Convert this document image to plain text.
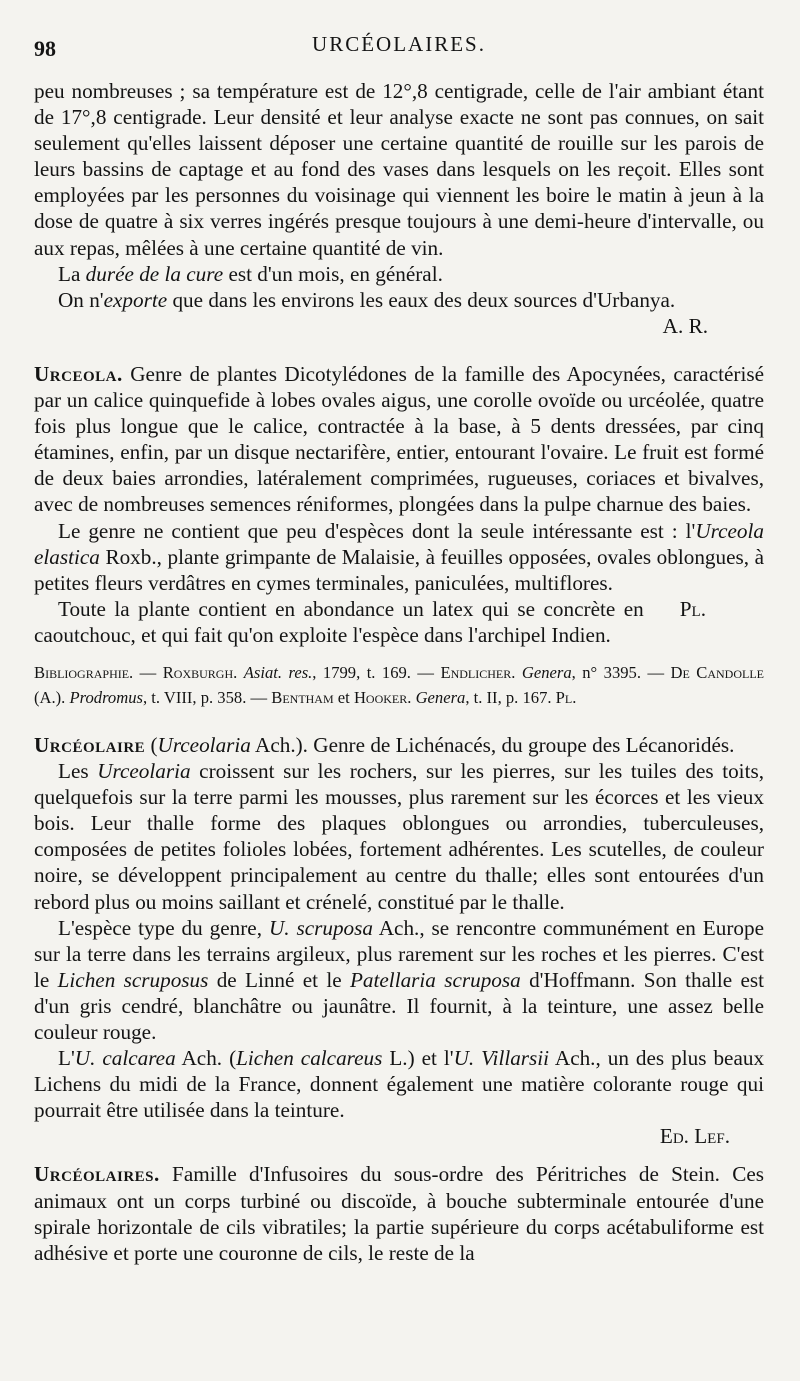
98	URCÉOLAIRES.

peu nombreuses ; sa température est de 12°,8 centigrade, celle de l'air ambiant étant de 17°,8 centigrade. Leur densité et leur analyse exacte ne sont pas connues, on sait seulement qu'elles laissent déposer une certaine quantité de rouille sur les parois de leurs bassins de captage et au fond des vases dans lesquels on les reçoit. Elles sont employées par les personnes du voisinage qui viennent les boire le matin à jeun à la dose de quatre à six verres ingérés presque toujours à une demi-heure d'intervalle, ou aux repas, mêlées à une certaine quantité de vin.

La durée de la cure est d'un mois, en général.

On n'exporte que dans les environs les eaux des deux sources d'Urbanya.

A. R.

Urceola. Genre de plantes Dicotylédones de la famille des Apocynées, caractérisé par un calice quinquefide à lobes ovales aigus, une corolle ovoïde ou urcéolée, quatre fois plus longue que le calice, contractée à la base, à 5 dents dressées, par cinq étamines, enfin, par un disque nectarifère, entier, entourant l'ovaire. Le fruit est formé de deux baies arrondies, latéralement comprimées, rugueuses, coriaces et bivalves, avec de nombreuses semences réniformes, plongées dans la pulpe charnue des baies.

Le genre ne contient que peu d'espèces dont la seule intéressante est : l'Urceola elastica Roxb., plante grimpante de Malaisie, à feuilles opposées, ovales oblongues, à petites fleurs verdâtres en cymes terminales, paniculées, multiflores.

Pl.
Toute la plante contient en abondance un latex qui se concrète en caoutchouc, et qui fait qu'on exploite l'espèce dans l'archipel Indien.

Bibliographie. — Roxburgh. Asiat. res., 1799, t. 169. — Endlicher. Genera, n° 3395. — De Candolle (A.). Prodromus, t. VIII, p. 358. — Bentham et Hooker. Genera, t. II, p. 167. Pl.

Urcéolaire (Urceolaria Ach.). Genre de Lichénacés, du groupe des Lécanoridés.

Les Urceolaria croissent sur les rochers, sur les pierres, sur les tuiles des toits, quelquefois sur la terre parmi les mousses, plus rarement sur les écorces et les vieux bois. Leur thalle forme des plaques oblongues ou arrondies, tuberculeuses, composées de petites folioles lobées, fortement adhérentes. Les scutelles, de couleur noire, se développent principalement au centre du thalle; elles sont entourées d'un rebord plus ou moins saillant et crénelé, constitué par le thalle.

L'espèce type du genre, U. scruposa Ach., se rencontre communément en Europe sur la terre dans les terrains argileux, plus rarement sur les roches et les pierres. C'est le Lichen scruposus de Linné et le Patellaria scruposa d'Hoffmann. Son thalle est d'un gris cendré, blanchâtre ou jaunâtre. Il fournit, à la teinture, une assez belle couleur rouge.

L'U. calcarea Ach. (Lichen calcareus L.) et l'U. Villarsii Ach., un des plus beaux Lichens du midi de la France, donnent également une matière colorante rouge qui pourrait être utilisée dans la teinture.

Ed. Lef.

Urcéolaires. Famille d'Infusoires du sous-ordre des Péritriches de Stein. Ces animaux ont un corps turbiné ou discoïde, à bouche subterminale entourée d'une spirale horizontale de cils vibratiles; la partie supérieure du corps acétabuliforme est adhésive et porte une couronne de cils, le reste de la
